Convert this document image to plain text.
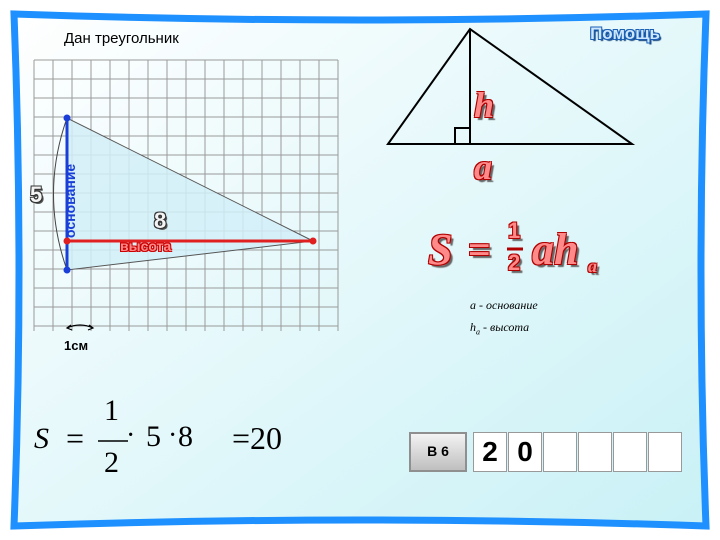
Дан треугольник	Помощь
5 основание	8
высота
1см
h
a
S = 1
2 ah a
a - основание
$h_a$ - высота
S =
1
2
· 5 · 8 =20	В 6	2 0
